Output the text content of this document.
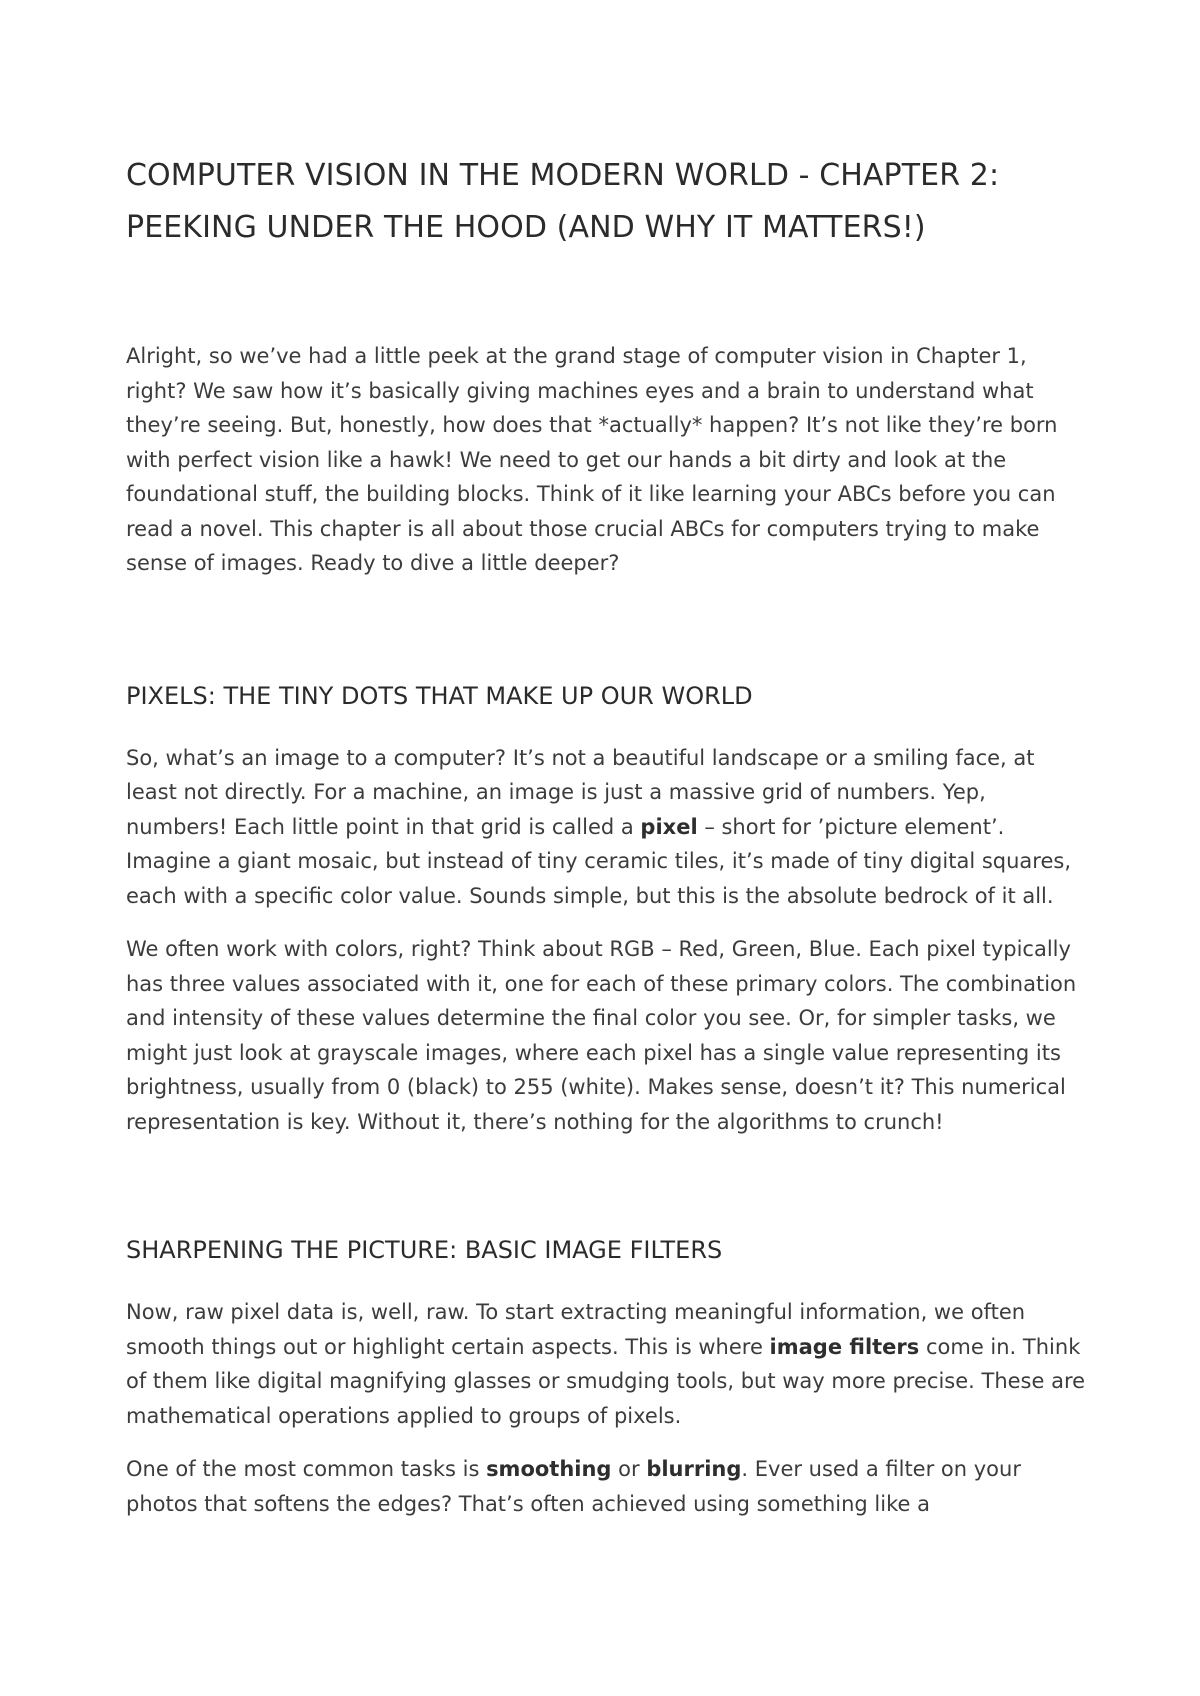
COMPUTER VISION IN THE MODERN WORLD - CHAPTER 2: PEEKING UNDER THE HOOD (AND WHY IT MATTERS!)

Alright, so we’ve had a little peek at the grand stage of computer vision in Chapter 1, right? We saw how it’s basically giving machines eyes and a brain to understand what they’re seeing. But, honestly, how does that *actually* happen? It’s not like they’re born with perfect vision like a hawk! We need to get our hands a bit dirty and look at the foundational stuff, the building blocks. Think of it like learning your ABCs before you can read a novel. This chapter is all about those crucial ABCs for computers trying to make sense of images. Ready to dive a little deeper?

PIXELS: THE TINY DOTS THAT MAKE UP OUR WORLD

So, what’s an image to a computer? It’s not a beautiful landscape or a smiling face, at least not directly. For a machine, an image is just a massive grid of numbers. Yep, numbers! Each little point in that grid is called a pixel – short for ’picture element’. Imagine a giant mosaic, but instead of tiny ceramic tiles, it’s made of tiny digital squares, each with a specific color value. Sounds simple, but this is the absolute bedrock of it all.

We often work with colors, right? Think about RGB – Red, Green, Blue. Each pixel typically has three values associated with it, one for each of these primary colors. The combination and intensity of these values determine the final color you see. Or, for simpler tasks, we might just look at grayscale images, where each pixel has a single value representing its brightness, usually from 0 (black) to 255 (white). Makes sense, doesn’t it? This numerical representation is key. Without it, there’s nothing for the algorithms to crunch!

SHARPENING THE PICTURE: BASIC IMAGE FILTERS

Now, raw pixel data is, well, raw. To start extracting meaningful information, we often smooth things out or highlight certain aspects. This is where image filters come in. Think of them like digital magnifying glasses or smudging tools, but way more precise. These are mathematical operations applied to groups of pixels.

One of the most common tasks is smoothing or blurring. Ever used a filter on your photos that softens the edges? That’s often achieved using something like a
